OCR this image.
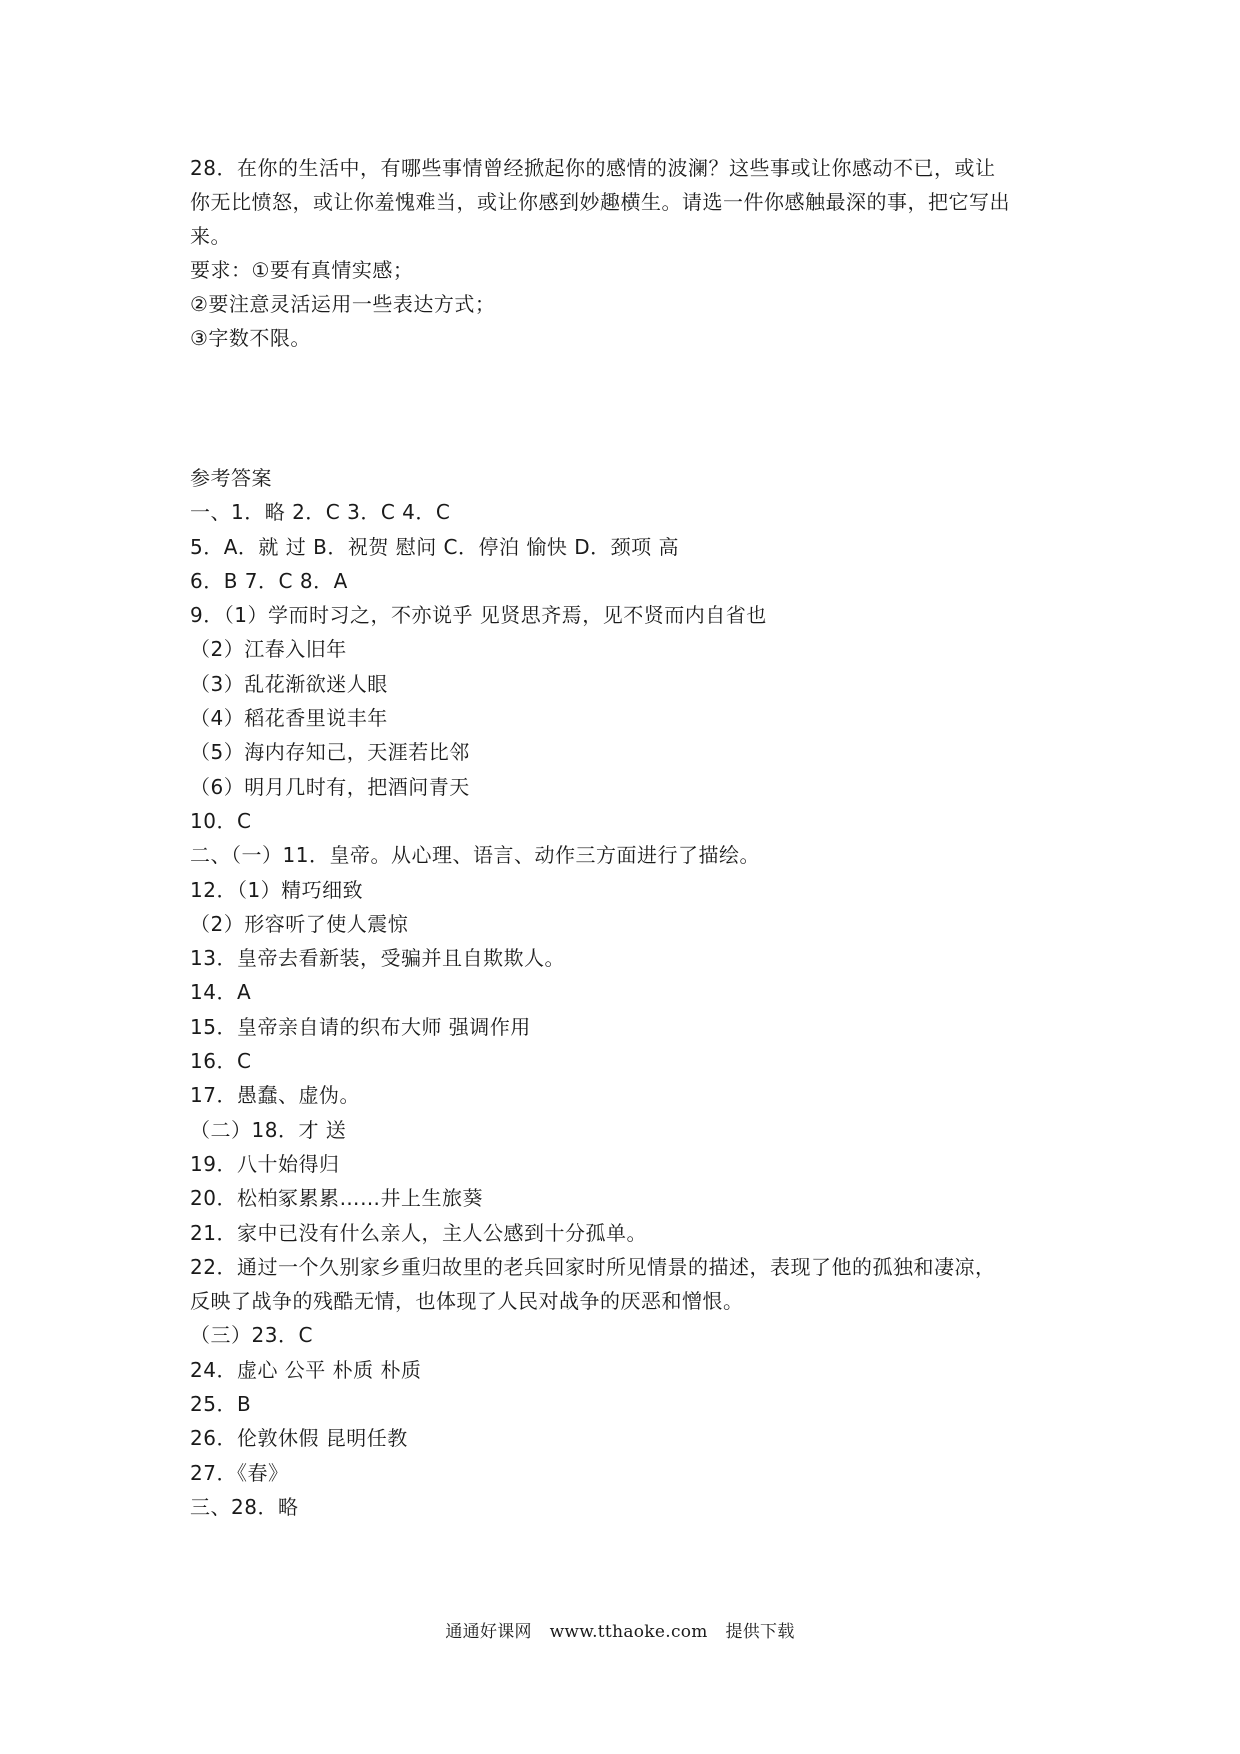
28．在你的生活中，有哪些事情曾经掀起你的感情的波澜？这些事或让你感动不已，或让
你无比愤怒，或让你羞愧难当，或让你感到妙趣横生。请选一件你感触最深的事，把它写出
来。
要求：①要有真情实感；
②要注意灵活运用一些表达方式；
③字数不限。
参考答案
一、1．略 2．C 3．C 4．C
5．A．就 过 B．祝贺 慰问 C．停泊 愉快 D．颈项 高
6．B 7．C 8．A
9．（1）学而时习之，不亦说乎 见贤思齐焉，见不贤而内自省也
（2）江春入旧年
（3）乱花渐欲迷人眼
（4）稻花香里说丰年
（5）海内存知己，天涯若比邻
（6）明月几时有，把酒问青天
10．C
二、（一）11．皇帝。从心理、语言、动作三方面进行了描绘。
12．（1）精巧细致
（2）形容听了使人震惊
13．皇帝去看新装，受骗并且自欺欺人。
14．A
15．皇帝亲自请的织布大师 强调作用
16．C
17．愚蠢、虚伪。
（二）18．才 送
19．八十始得归
20．松柏冢累累……井上生旅葵
21．家中已没有什么亲人，主人公感到十分孤单。
22．通过一个久别家乡重归故里的老兵回家时所见情景的描述，表现了他的孤独和凄凉，
反映了战争的残酷无情，也体现了人民对战争的厌恶和憎恨。
（三）23．C
24．虚心 公平 朴质 朴质
25．B
26．伦敦休假 昆明任教
27．《春》
三、28．略
通通好课网 www.tthaoke.com 提供下载
